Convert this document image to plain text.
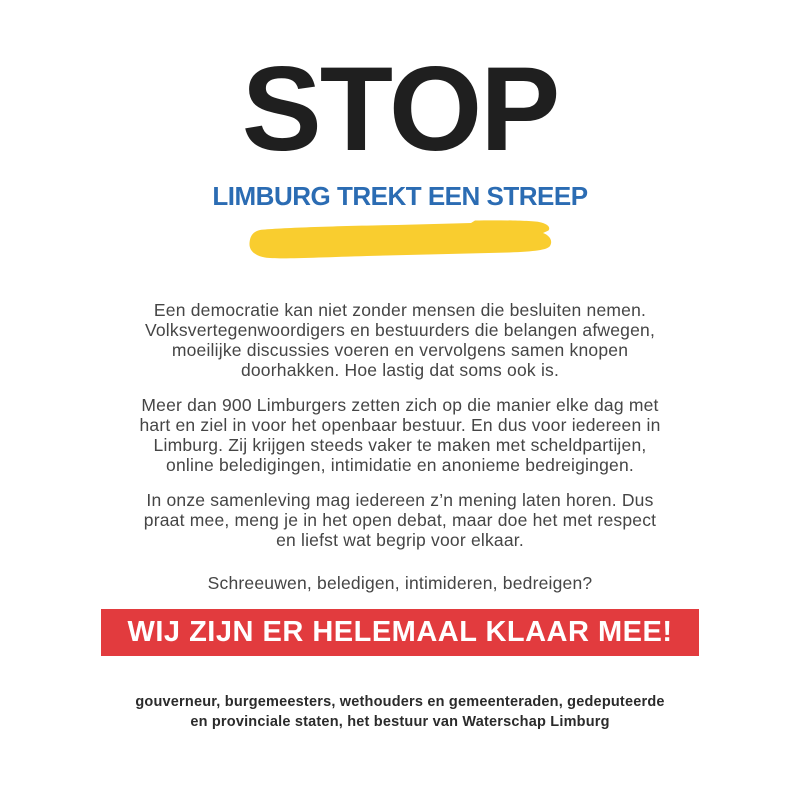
STOP
LIMBURG TREKT EEN STREEP

Een democratie kan niet zonder mensen die besluiten nemen. Volksvertegenwoordigers en bestuurders die belangen afwegen, moeilijke discussies voeren en vervolgens samen knopen doorhakken. Hoe lastig dat soms ook is.

Meer dan 900 Limburgers zetten zich op die manier elke dag met hart en ziel in voor het openbaar bestuur. En dus voor iedereen in Limburg. Zij krijgen steeds vaker te maken met scheldpartijen, online beledigingen, intimidatie en anonieme bedreigingen.

In onze samenleving mag iedereen z’n mening laten horen. Dus praat mee, meng je in het open debat, maar doe het met respect en liefst wat begrip voor elkaar.

Schreeuwen, beledigen, intimideren, bedreigen?

WIJ ZIJN ER HELEMAAL KLAAR MEE!
gouverneur, burgemeesters, wethouders en gemeenteraden, gedeputeerde
en provinciale staten, het bestuur van Waterschap Limburg
